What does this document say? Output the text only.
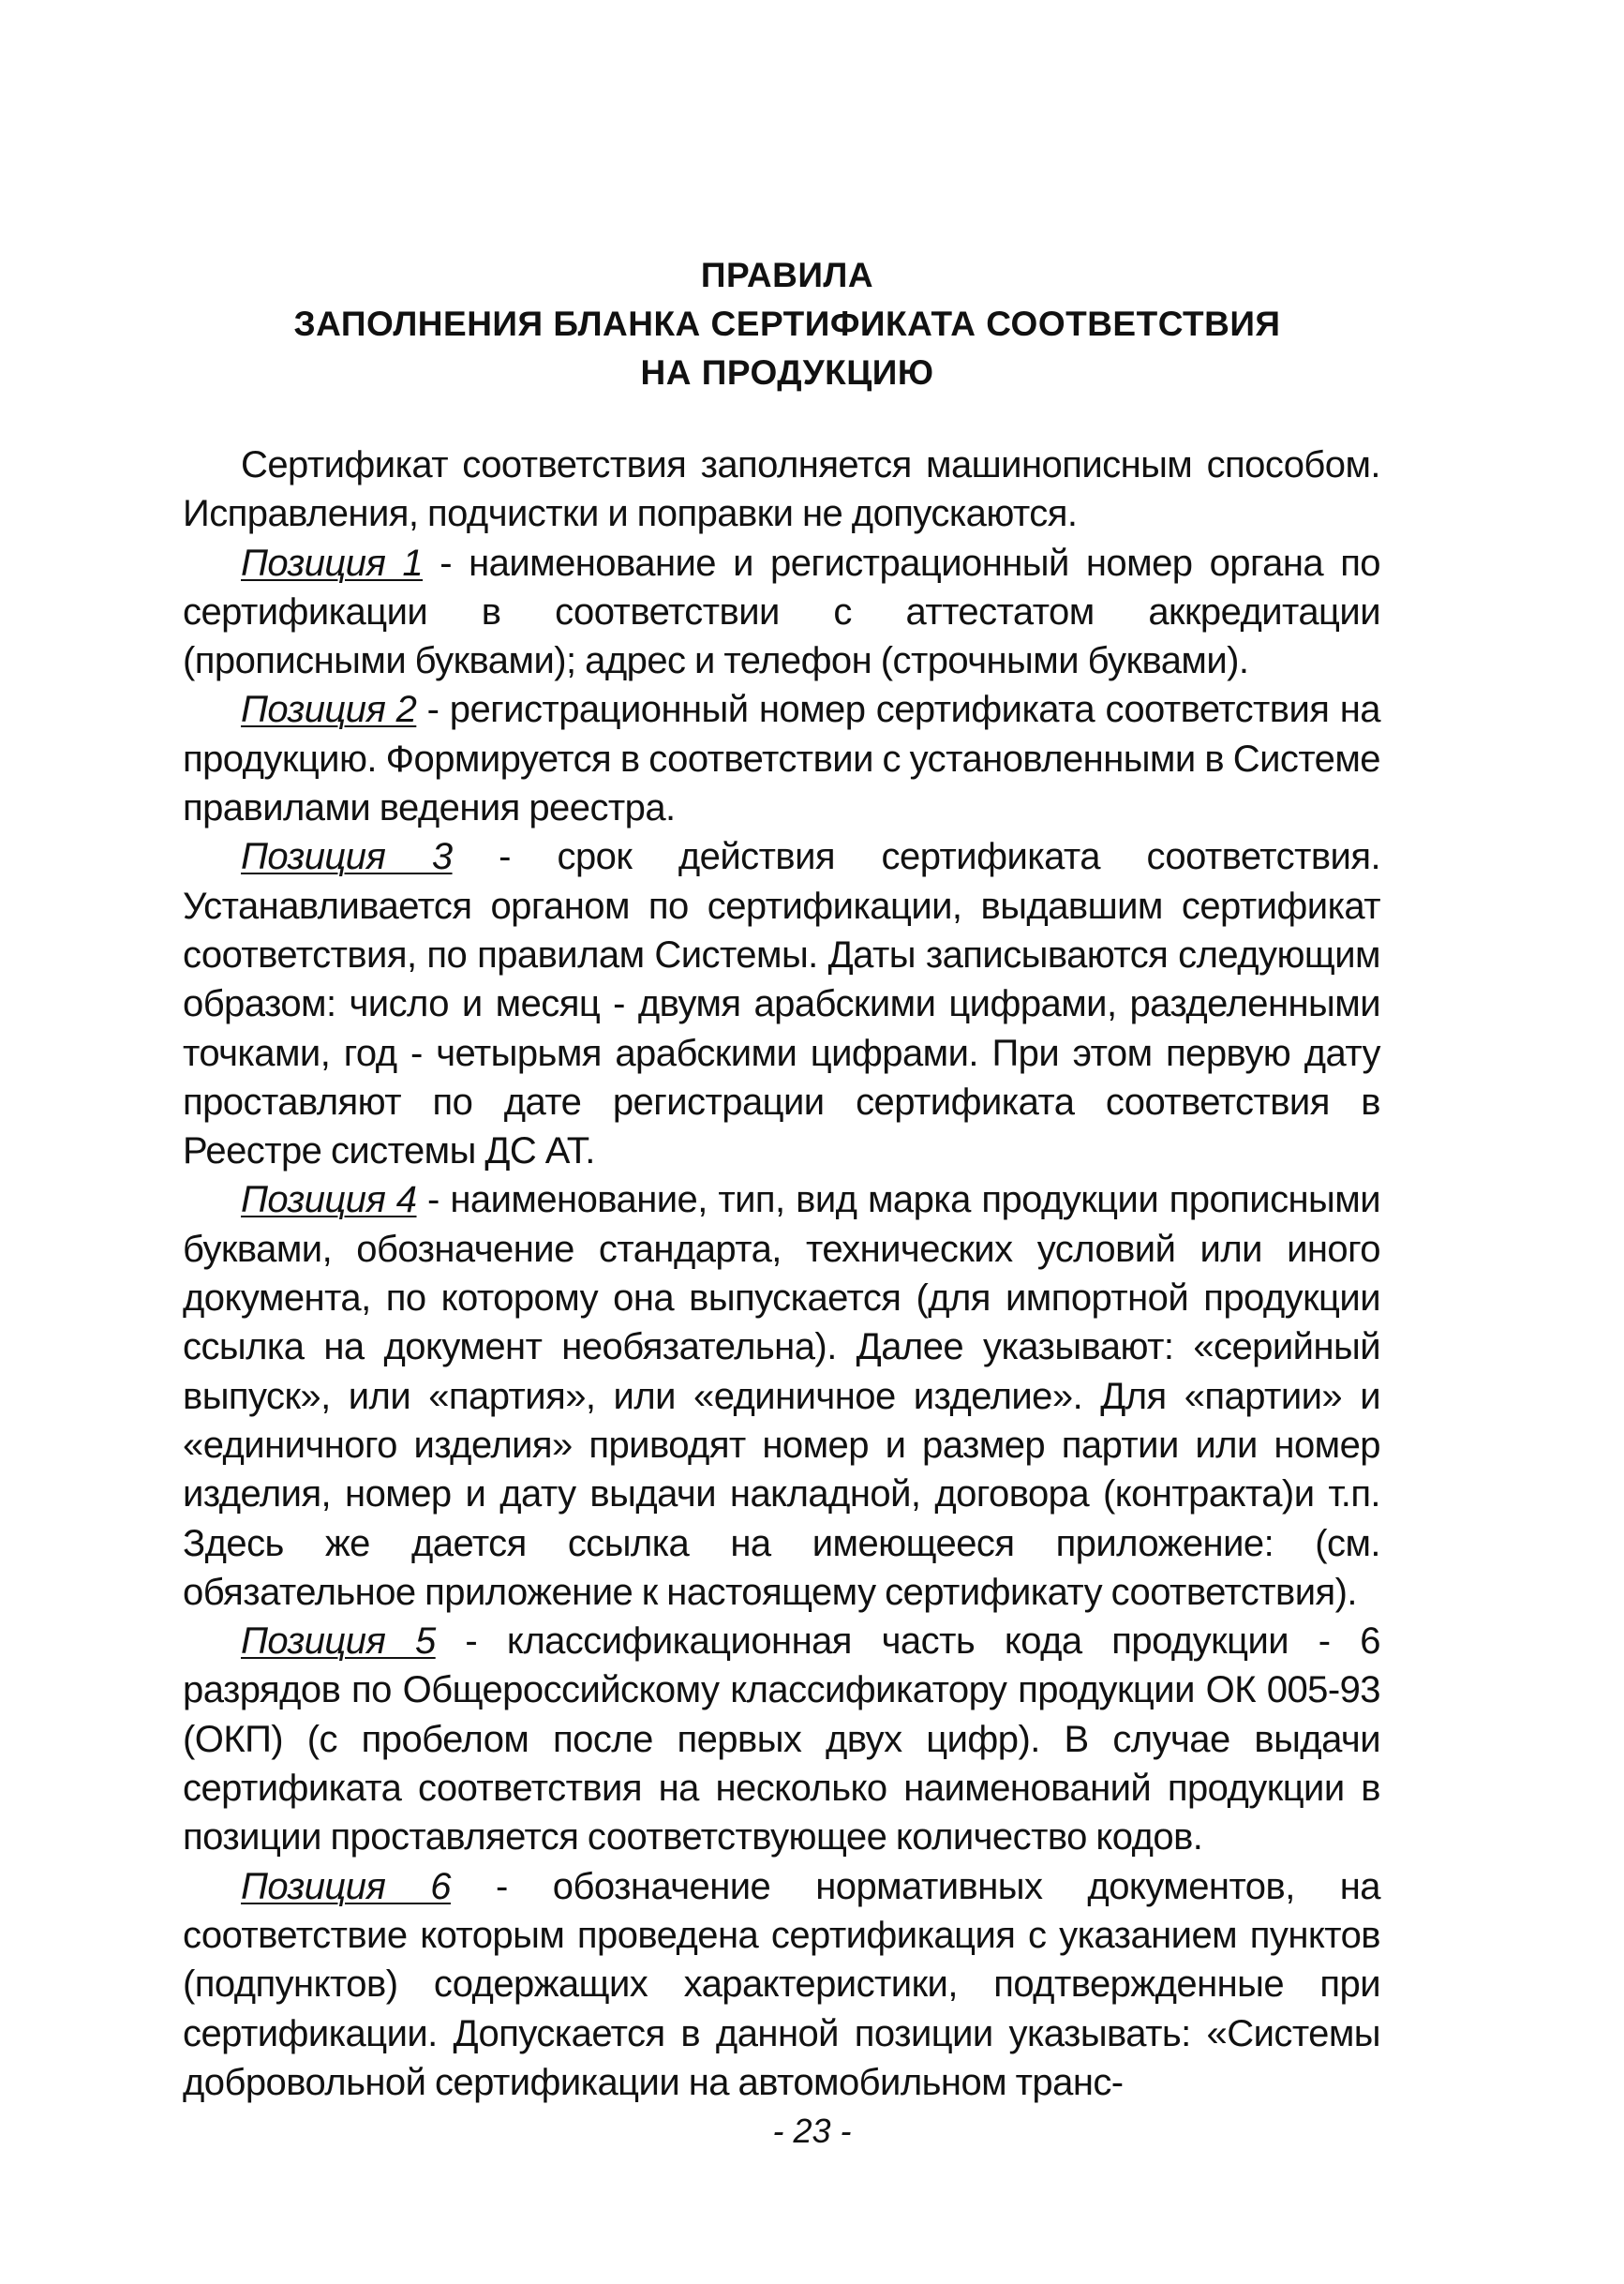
ПРАВИЛА
ЗАПОЛНЕНИЯ БЛАНКА СЕРТИФИКАТА СООТВЕТСТВИЯ
НА ПРОДУКЦИЮ

Сертификат соответствия заполняется машинописным способом. Исправления, подчистки и поправки не допускаются.

Позиция 1 - наименование и регистрационный номер органа по сертификации в соответствии с аттестатом аккредитации (прописными буквами); адрес и телефон (строчными буквами).

Позиция 2 - регистрационный номер сертификата соответствия на продукцию. Формируется в соответствии с установленными в Системе правилами ведения реестра.

Позиция 3 - срок действия сертификата соответствия. Устанавливается органом по сертификации, выдавшим сертификат соответствия, по правилам Системы. Даты записываются следующим образом: число и месяц - двумя арабскими цифрами, разделенными точками, год - четырьмя арабскими цифрами. При этом первую дату проставляют по дате регистрации сертификата соответствия в Реестре системы ДС АТ.

Позиция 4 - наименование, тип, вид марка продукции прописными буквами, обозначение стандарта, технических условий или иного документа, по которому она выпускается (для импортной продукции ссылка на документ необязательна). Далее указывают: «серийный выпуск», или «партия», или «единичное изделие». Для «партии» и «единичного изделия» приводят номер и размер партии или номер изделия, номер и дату выдачи накладной, договора (контракта)и т.п. Здесь же дается ссылка на имеющееся приложение: (см. обязательное приложение к настоящему сертификату соответствия).

Позиция 5 - классификационная часть кода продукции - 6 разрядов по Общероссийскому классификатору продукции ОК 005-93 (ОКП) (с пробелом после первых двух цифр). В случае выдачи сертификата соответствия на несколько наименований продукции в позиции проставляется соответствующее количество кодов.

Позиция 6 - обозначение нормативных документов, на соответствие которым проведена сертификация с указанием пунктов (подпунктов) содержащих характеристики, подтвержденные при сертификации. Допускается в данной позиции указывать: «Системы добровольной сертификации на автомобильном транс-

- 23 -
